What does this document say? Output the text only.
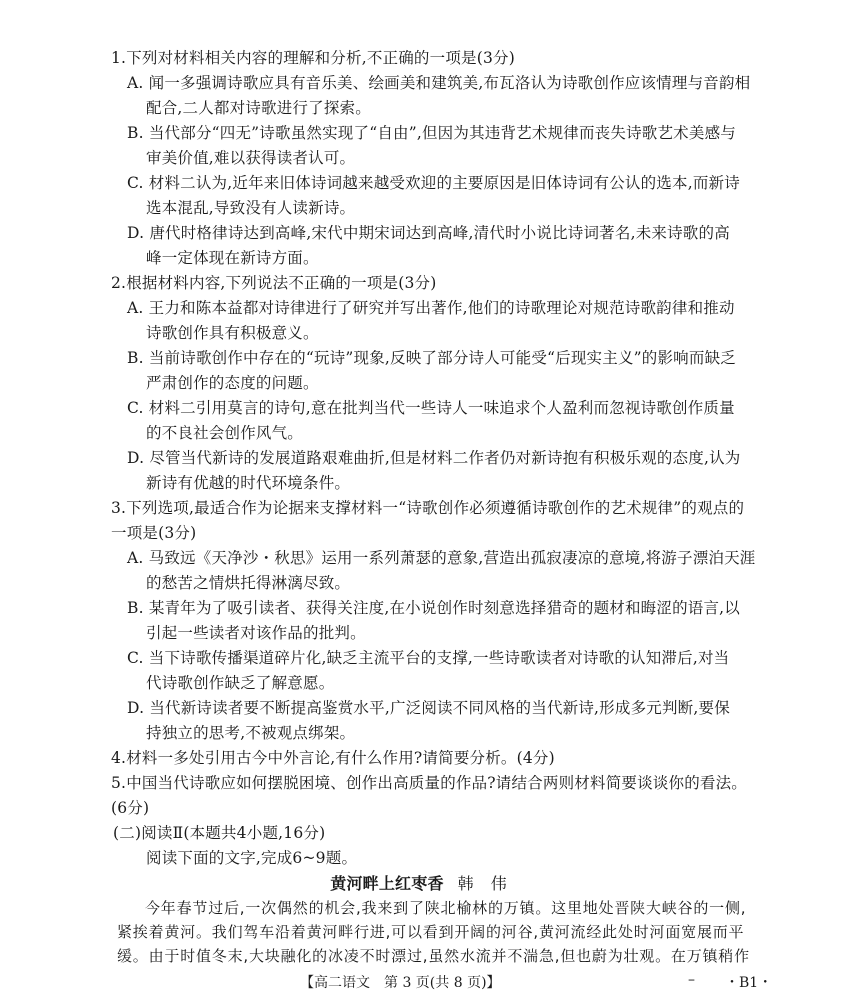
1.下列对材料相关内容的理解和分析,不正确的一项是(3分)
A. 闻一多强调诗歌应具有音乐美、绘画美和建筑美,布瓦洛认为诗歌创作应该情理与音韵相
配合,二人都对诗歌进行了探索。
B. 当代部分“四无”诗歌虽然实现了“自由”,但因为其违背艺术规律而丧失诗歌艺术美感与
审美价值,难以获得读者认可。
C. 材料二认为,近年来旧体诗词越来越受欢迎的主要原因是旧体诗词有公认的选本,而新诗
选本混乱,导致没有人读新诗。
D. 唐代时格律诗达到高峰,宋代中期宋词达到高峰,清代时小说比诗词著名,未来诗歌的高
峰一定体现在新诗方面。
2.根据材料内容,下列说法不正确的一项是(3分)
A. 王力和陈本益都对诗律进行了研究并写出著作,他们的诗歌理论对规范诗歌韵律和推动
诗歌创作具有积极意义。
B. 当前诗歌创作中存在的“玩诗”现象,反映了部分诗人可能受“后现实主义”的影响而缺乏
严肃创作的态度的问题。
C. 材料二引用莫言的诗句,意在批判当代一些诗人一味追求个人盈利而忽视诗歌创作质量
的不良社会创作风气。
D. 尽管当代新诗的发展道路艰难曲折,但是材料二作者仍对新诗抱有积极乐观的态度,认为
新诗有优越的时代环境条件。
3.下列选项,最适合作为论据来支撑材料一“诗歌创作必须遵循诗歌创作的艺术规律”的观点的
一项是(3分)
A. 马致远《天净沙・秋思》运用一系列萧瑟的意象,营造出孤寂凄凉的意境,将游子漂泊天涯
的愁苦之情烘托得淋漓尽致。
B. 某青年为了吸引读者、获得关注度,在小说创作时刻意选择猎奇的题材和晦涩的语言,以
引起一些读者对该作品的批判。
C. 当下诗歌传播渠道碎片化,缺乏主流平台的支撑,一些诗歌读者对诗歌的认知滞后,对当
代诗歌创作缺乏了解意愿。
D. 当代新诗读者要不断提高鉴赏水平,广泛阅读不同风格的当代新诗,形成多元判断,要保
持独立的思考,不被观点绑架。
4.材料一多处引用古今中外言论,有什么作用?请简要分析。(4分)
5.中国当代诗歌应如何摆脱困境、创作出高质量的作品?请结合两则材料简要谈谈你的看法。
(6分)
(二)阅读Ⅱ(本题共4小题,16分)
阅读下面的文字,完成6~9题。
黄河畔上红枣香 韩 伟
今年春节过后,一次偶然的机会,我来到了陕北榆林的万镇。这里地处晋陕大峡谷的一侧,
紧挨着黄河。我们驾车沿着黄河畔行进,可以看到开阔的河谷,黄河流经此处时河面宽展而平
缓。由于时值冬末,大块融化的冰凌不时漂过,虽然水流并不湍急,但也蔚为壮观。在万镇稍作
【高二语文　第 3 页(共 8 页)】	– ・B1・
